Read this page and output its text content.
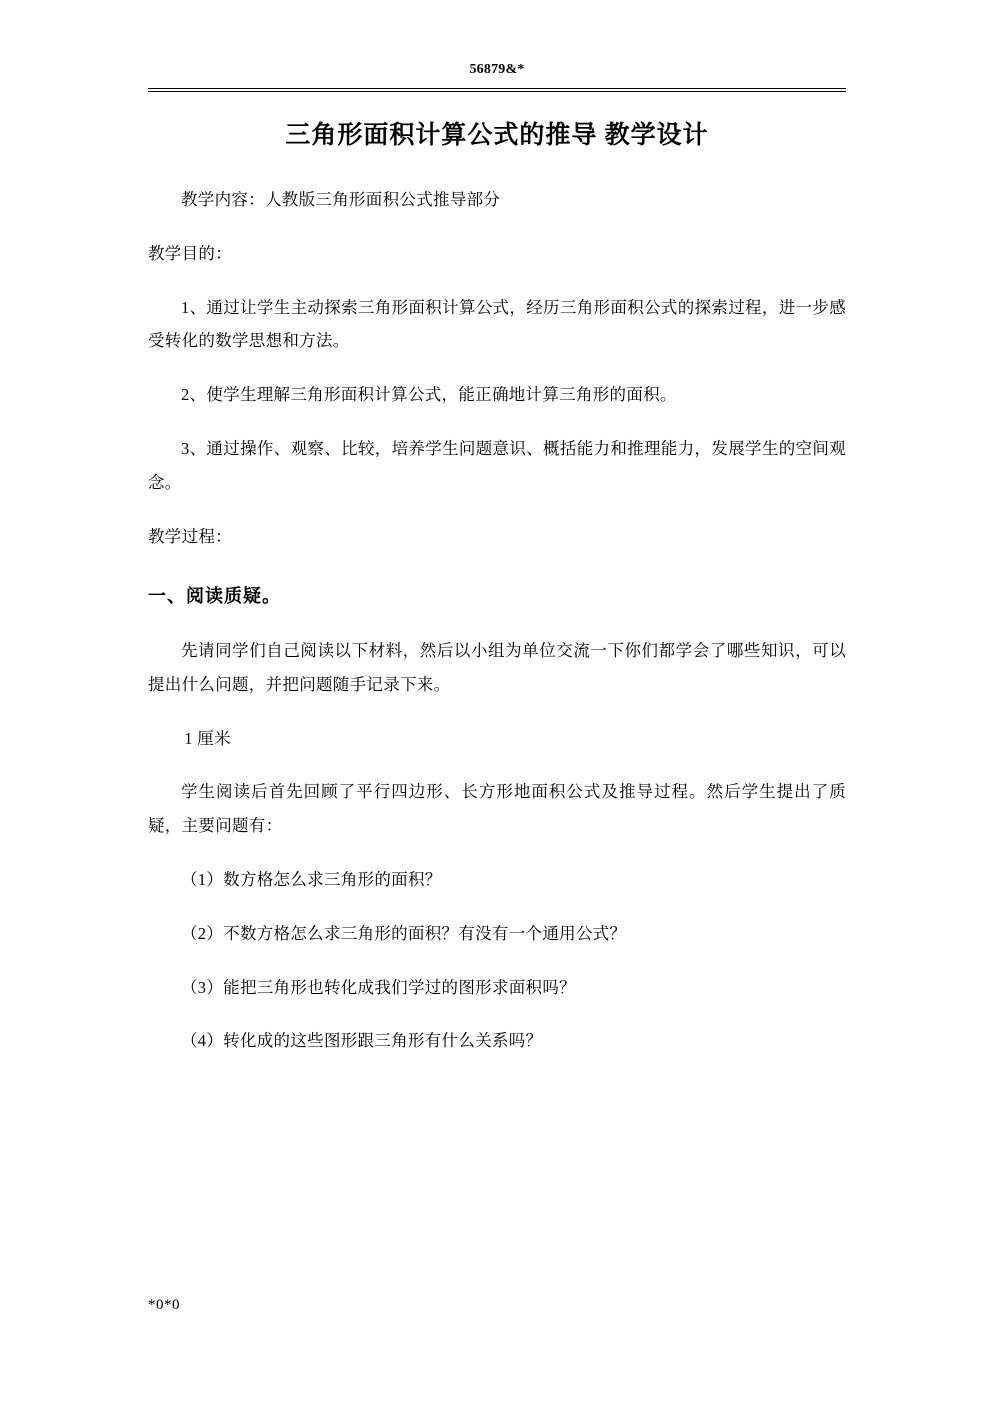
56879&*
三角形面积计算公式的推导 教学设计

教学内容：人教版三角形面积公式推导部分

教学目的：

1、通过让学生主动探索三角形面积计算公式，经历三角形面积公式的探索过程，进一步感受转化的数学思想和方法。

2、使学生理解三角形面积计算公式，能正确地计算三角形的面积。

3、通过操作、观察、比较，培养学生问题意识、概括能力和推理能力，发展学生的空间观念。

教学过程：

一、阅读质疑。

先请同学们自己阅读以下材料，然后以小组为单位交流一下你们都学会了哪些知识，可以提出什么问题，并把问题随手记录下来。

1 厘米

学生阅读后首先回顾了平行四边形、长方形地面积公式及推导过程。然后学生提出了质疑，主要问题有：

（1）数方格怎么求三角形的面积？

（2）不数方格怎么求三角形的面积？有没有一个通用公式？

（3）能把三角形也转化成我们学过的图形求面积吗？

（4）转化成的这些图形跟三角形有什么关系吗？

*0*0
